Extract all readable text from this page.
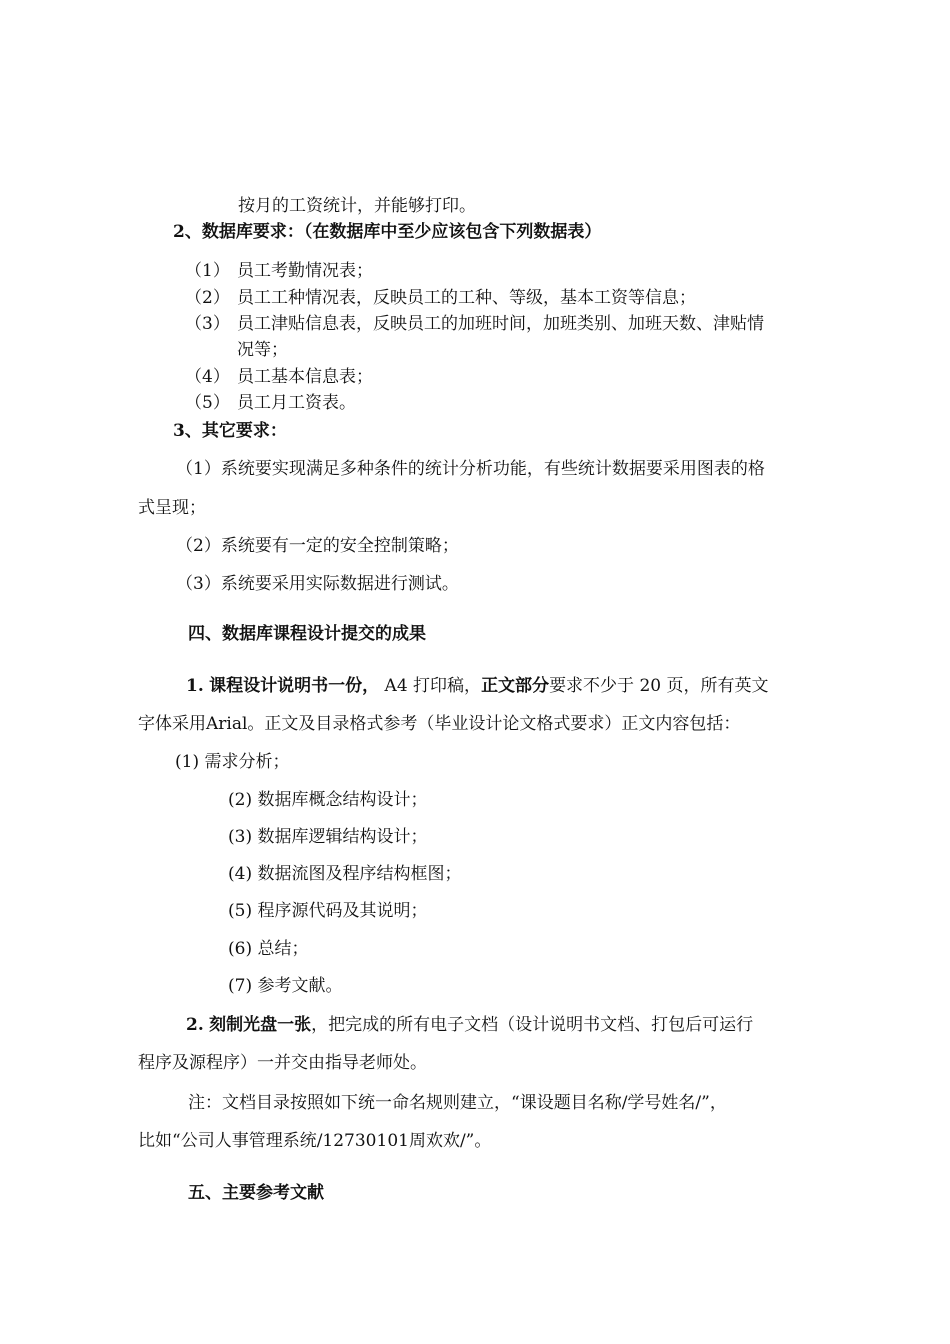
按月的工资统计，并能够打印。

2、数据库要求：（在数据库中至少应该包含下列数据表）

（1） 员工考勤情况表；

（2） 员工工种情况表，反映员工的工种、等级，基本工资等信息；

（3） 员工津贴信息表，反映员工的加班时间，加班类别、加班天数、津贴情

况等；

（4） 员工基本信息表；

（5） 员工月工资表。

3、其它要求：

（1）系统要实现满足多种条件的统计分析功能，有些统计数据要采用图表的格

式呈现；

（2）系统要有一定的安全控制策略；

（3）系统要采用实际数据进行测试。

四、数据库课程设计提交的成果

1. 课程设计说明书一份， A4 打印稿，正文部分要求不少于 20 页，所有英文

字体采用Arial。正文及目录格式参考（毕业设计论文格式要求）正文内容包括：

(1) 需求分析；

(2) 数据库概念结构设计；

(3) 数据库逻辑结构设计；

(4) 数据流图及程序结构框图；

(5) 程序源代码及其说明；

(6) 总结；

(7) 参考文献。

2. 刻制光盘一张，把完成的所有电子文档（设计说明书文档、打包后可运行

程序及源程序）一并交由指导老师处。

注：文档目录按照如下统一命名规则建立，“课设题目名称/学号姓名/”，

比如“公司人事管理系统/12730101周欢欢/”。

五、主要参考文献
